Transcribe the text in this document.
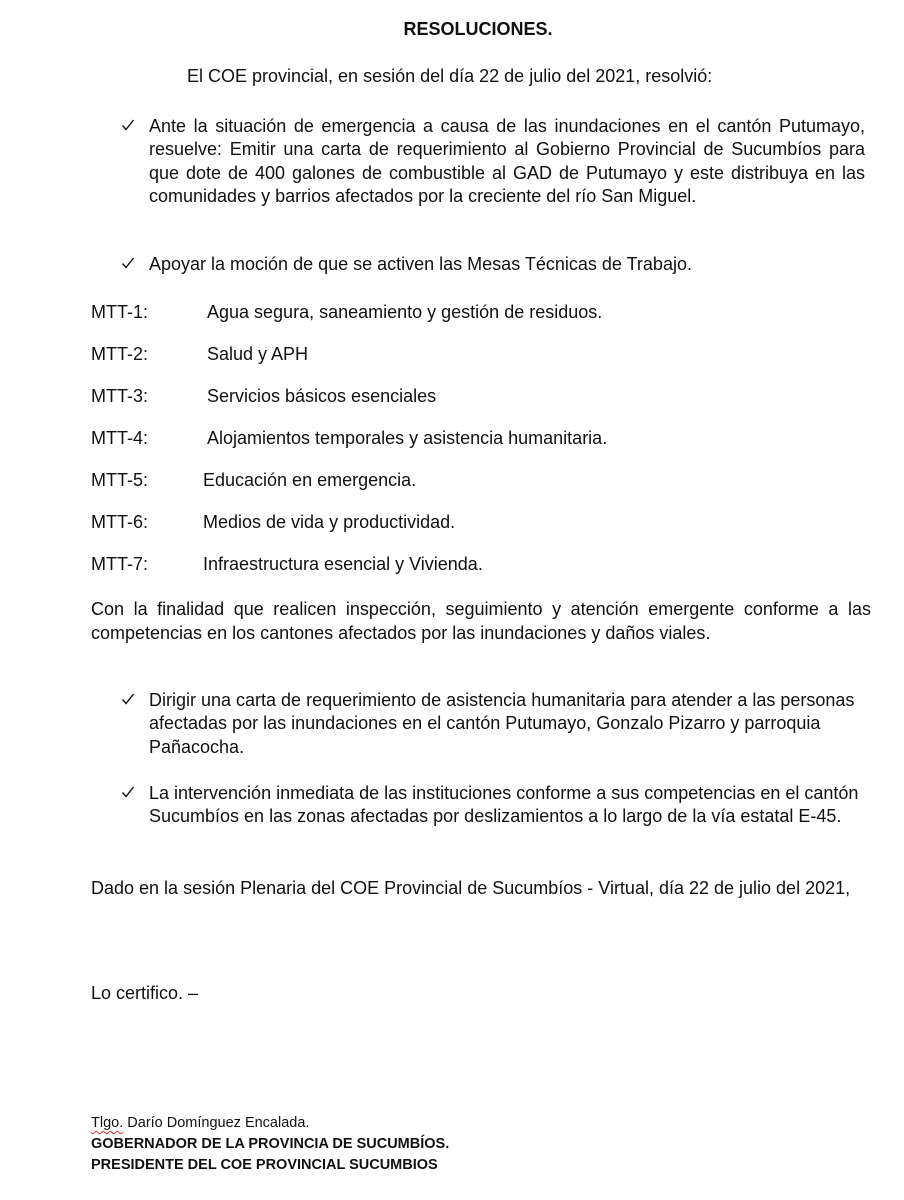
RESOLUCIONES.
El COE provincial, en sesión del día 22 de julio del 2021, resolvió:
Ante la situación de emergencia a causa de las inundaciones en el cantón Putumayo, resuelve: Emitir una carta de requerimiento al Gobierno Provincial de Sucumbíos para que dote de 400 galones de combustible al GAD de Putumayo y este distribuya en las comunidades y barrios afectados por la creciente del río San Miguel.
Apoyar la moción de que se activen las Mesas Técnicas de Trabajo.
MTT-1:	Agua segura, saneamiento y gestión de residuos.
MTT-2:	Salud y APH
MTT-3:	Servicios básicos esenciales
MTT-4:	Alojamientos temporales y asistencia humanitaria.
MTT-5:	Educación en emergencia.
MTT-6:	Medios de vida y productividad.
MTT-7:	Infraestructura esencial y Vivienda.
Con la finalidad que realicen inspección, seguimiento y atención emergente conforme a las competencias en los cantones afectados por las inundaciones y daños viales.
Dirigir una carta de requerimiento de asistencia humanitaria para atender a las personas afectadas por las inundaciones en el cantón Putumayo, Gonzalo Pizarro y parroquia Pañacocha.
La intervención inmediata de las instituciones conforme a sus competencias en el cantón Sucumbíos en las zonas afectadas por deslizamientos a lo largo de la vía estatal E-45.
Dado en la sesión Plenaria del COE Provincial de Sucumbíos - Virtual, día 22 de julio del 2021,
Lo certifico. –
Tlgo. Darío Domínguez Encalada.
GOBERNADOR DE LA PROVINCIA DE SUCUMBÍOS.
PRESIDENTE DEL COE PROVINCIAL SUCUMBIOS
